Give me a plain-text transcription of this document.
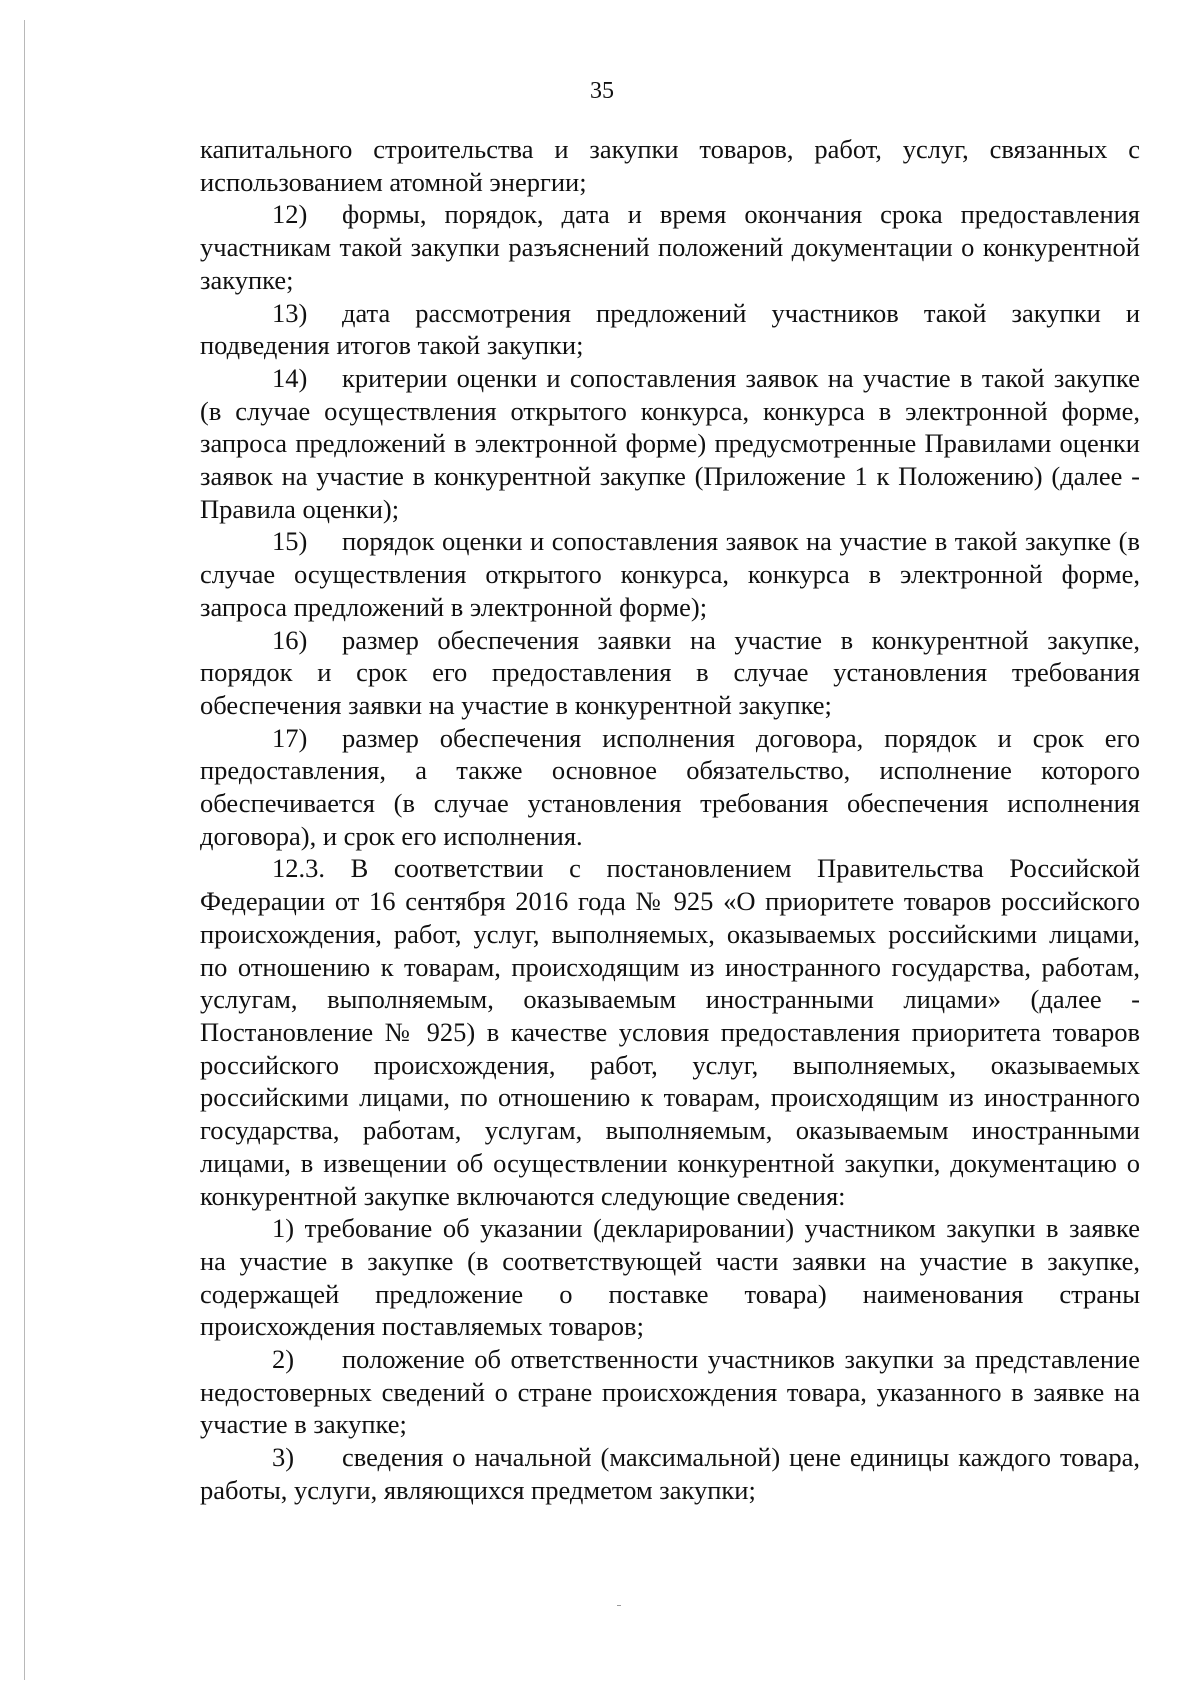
35

капитального строительства и закупки товаров, работ, услуг, связанных с использованием атомной энергии;

12) формы, порядок, дата и время окончания срока предоставления участникам такой закупки разъяснений положений документации о конкурентной закупке;

13) дата рассмотрения предложений участников такой закупки и подведения итогов такой закупки;

14) критерии оценки и сопоставления заявок на участие в такой закупке (в случае осуществления открытого конкурса, конкурса в электронной форме, запроса предложений в электронной форме) предусмотренные Правилами оценки заявок на участие в конкурентной закупке (Приложение 1 к Положению) (далее - Правила оценки);

15) порядок оценки и сопоставления заявок на участие в такой закупке (в случае осуществления открытого конкурса, конкурса в электронной форме, запроса предложений в электронной форме);

16) размер обеспечения заявки на участие в конкурентной закупке, порядок и срок его предоставления в случае установления требования обеспечения заявки на участие в конкурентной закупке;

17) размер обеспечения исполнения договора, порядок и срок его предоставления, а также основное обязательство, исполнение которого обеспечивается (в случае установления требования обеспечения исполнения договора), и срок его исполнения.

12.3. В соответствии с постановлением Правительства Российской Федерации от 16 сентября 2016 года № 925 «О приоритете товаров российского происхождения, работ, услуг, выполняемых, оказываемых российскими лицами, по отношению к товарам, происходящим из иностранного государства, работам, услугам, выполняемым, оказываемым иностранными лицами» (далее - Постановление № 925) в качестве условия предоставления приоритета товаров российского происхождения, работ, услуг, выполняемых, оказываемых российскими лицами, по отношению к товарам, происходящим из иностранного государства, работам, услугам, выполняемым, оказываемым иностранными лицами, в извещении об осуществлении конкурентной закупки, документацию о конкурентной закупке включаются следующие сведения:

1) требование об указании (декларировании) участником закупки в заявке на участие в закупке (в соответствующей части заявки на участие в закупке, содержащей предложение о поставке товара) наименования страны происхождения поставляемых товаров;

2) положение об ответственности участников закупки за представление недостоверных сведений о стране происхождения товара, указанного в заявке на участие в закупке;

3) сведения о начальной (максимальной) цене единицы каждого товара, работы, услуги, являющихся предметом закупки;
